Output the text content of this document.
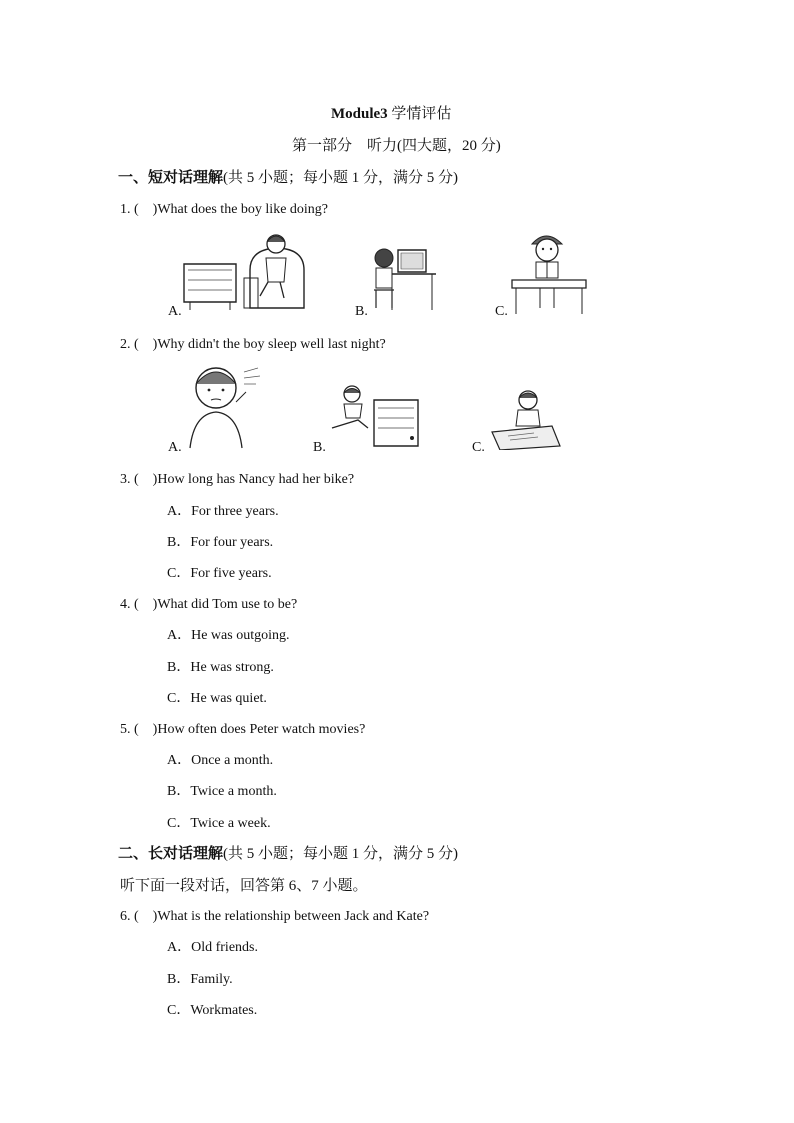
Module3 学情评估
第一部分　听力(四大题，20 分)
一、短对话理解(共 5 小题；每小题 1 分，满分 5 分)
1. (　)What does the boy like doing?
A.	B.	C.
2. (　)Why didn't the boy sleep well last night?
A.	B.	C.
3. (　)How long has Nancy had her bike?
A．For three years.
B．For four years.
C．For five years.
4. (　)What did Tom use to be?
A．He was outgoing.
B．He was strong.
C．He was quiet.
5. (　)How often does Peter watch movies?
A．Once a month.
B．Twice a month.
C．Twice a week.
二、长对话理解(共 5 小题；每小题 1 分，满分 5 分)
听下面一段对话，回答第 6、7 小题。
6. (　)What is the relationship between Jack and Kate?
A．Old friends.
B．Family.
C．Workmates.
